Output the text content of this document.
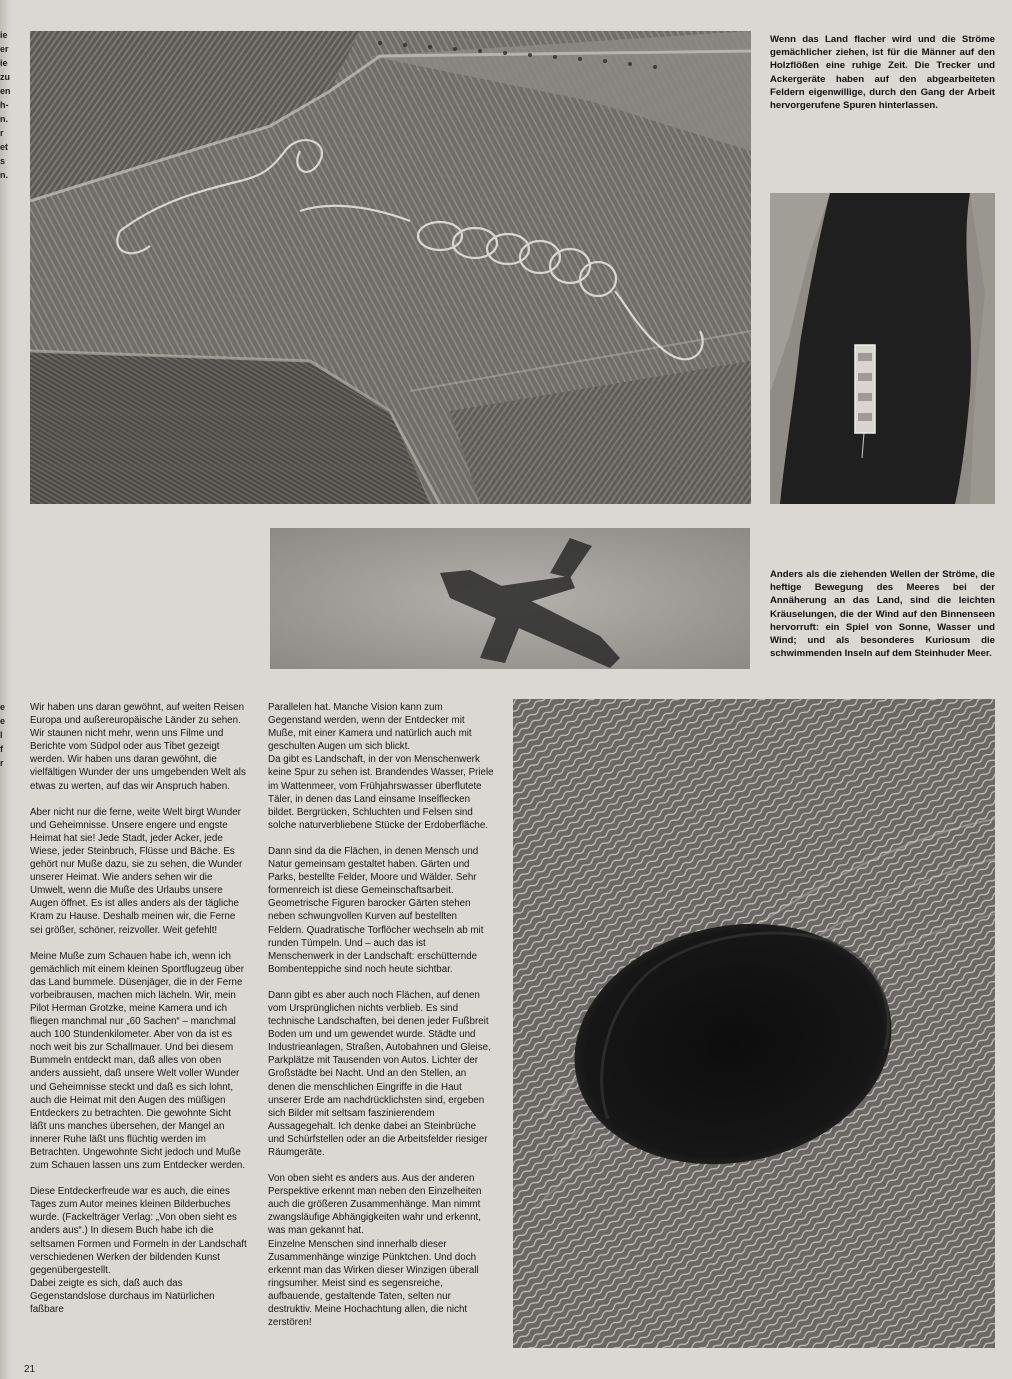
ie
er
ie
zu
en
h-
n.
r
et
s
n.
e
e
l
f
r
Wenn das Land flacher wird und die Ströme gemächlicher ziehen, ist für die Männer auf den Holzflößen eine ruhige Zeit. Die Trecker und Ackergeräte haben auf den abgearbeiteten Feldern eigenwillige, durch den Gang der Arbeit hervorgerufene Spuren hinterlassen.
Anders als die ziehenden Wellen der Ströme, die heftige Bewegung des Meeres bei der Annäherung an das Land, sind die leichten Kräuselungen, die der Wind auf den Binnenseen hervorruft: ein Spiel von Sonne, Wasser und Wind; und als besonderes Kuriosum die schwimmenden Inseln auf dem Steinhuder Meer.

Wir haben uns daran gewöhnt, auf weiten Reisen Europa und außereuropäische Länder zu sehen. Wir staunen nicht mehr, wenn uns Filme und Berichte vom Südpol oder aus Tibet gezeigt werden. Wir haben uns daran gewöhnt, die vielfältigen Wunder der uns umgebenden Welt als etwas zu werten, auf das wir Anspruch haben.

Aber nicht nur die ferne, weite Welt birgt Wunder und Geheimnisse. Unsere engere und engste Heimat hat sie! Jede Stadt, jeder Acker, jede Wiese, jeder Steinbruch, Flüsse und Bäche. Es gehört nur Muße dazu, sie zu sehen, die Wunder unserer Heimat. Wie anders sehen wir die Umwelt, wenn die Muße des Urlaubs unsere Augen öffnet. Es ist alles anders als der tägliche Kram zu Hause. Deshalb meinen wir, die Ferne sei größer, schöner, reizvoller. Weit gefehlt!

Meine Muße zum Schauen habe ich, wenn ich gemächlich mit einem kleinen Sportflugzeug über das Land bummele. Düsenjäger, die in der Ferne vorbeibrausen, machen mich lächeln. Wir, mein Pilot Herman Grotzke, meine Kamera und ich fliegen manchmal nur „60 Sachen“ – manchmal auch 100 Stundenkilometer. Aber von da ist es noch weit bis zur Schallmauer. Und bei diesem Bummeln entdeckt man, daß alles von oben anders aussieht, daß unsere Welt voller Wunder und Geheimnisse steckt und daß es sich lohnt, auch die Heimat mit den Augen des müßigen Entdeckers zu betrachten. Die gewohnte Sicht läßt uns manches übersehen, der Mangel an innerer Ruhe läßt uns flüchtig werden im Betrachten. Ungewohnte Sicht jedoch und Muße zum Schauen lassen uns zum Entdecker werden.

Diese Entdeckerfreude war es auch, die eines Tages zum Autor meines kleinen Bilderbuches wurde. (Fackelträger Verlag: „Von oben sieht es anders aus“.) In diesem Buch habe ich die seltsamen Formen und Formeln in der Landschaft verschiedenen Werken der bildenden Kunst gegenübergestellt.

Dabei zeigte es sich, daß auch das Gegenstandslose durchaus im Natürlichen faßbare

Parallelen hat. Manche Vision kann zum Gegenstand werden, wenn der Entdecker mit Muße, mit einer Kamera und natürlich auch mit geschulten Augen um sich blickt.

Da gibt es Landschaft, in der von Menschenwerk keine Spur zu sehen ist. Brandendes Wasser, Priele im Wattenmeer, vom Frühjahrswasser überflutete Täler, in denen das Land einsame Inselflecken bildet. Bergrücken, Schluchten und Felsen sind solche naturverbliebene Stücke der Erdoberfläche.

Dann sind da die Flächen, in denen Mensch und Natur gemeinsam gestaltet haben. Gärten und Parks, bestellte Felder, Moore und Wälder. Sehr formenreich ist diese Gemeinschaftsarbeit. Geometrische Figuren barocker Gärten stehen neben schwungvollen Kurven auf bestellten Feldern. Quadratische Torflöcher wechseln ab mit runden Tümpeln. Und – auch das ist Menschenwerk in der Landschaft: erschütternde Bombenteppiche sind noch heute sichtbar.

Dann gibt es aber auch noch Flächen, auf denen vom Ursprünglichen nichts verblieb. Es sind technische Landschaften, bei denen jeder Fußbreit Boden um und um gewendet wurde. Städte und Industrieanlagen, Straßen, Autobahnen und Gleise, Parkplätze mit Tausenden von Autos. Lichter der Großstädte bei Nacht. Und an den Stellen, an denen die menschlichen Eingriffe in die Haut unserer Erde am nachdrücklichsten sind, ergeben sich Bilder mit seltsam faszinierendem Aussagegehalt. Ich denke dabei an Steinbrüche und Schürfstellen oder an die Arbeitsfelder riesiger Räumgeräte.

Von oben sieht es anders aus. Aus der anderen Perspektive erkennt man neben den Einzelheiten auch die größeren Zusammenhänge. Man nimmt zwangsläufige Abhängigkeiten wahr und erkennt, was man gekannt hat.

Einzelne Menschen sind innerhalb dieser Zusammenhänge winzige Pünktchen. Und doch erkennt man das Wirken dieser Winzigen überall ringsumher. Meist sind es segensreiche, aufbauende, gestaltende Taten, selten nur destruktiv. Meine Hochachtung allen, die nicht zerstören!

21
